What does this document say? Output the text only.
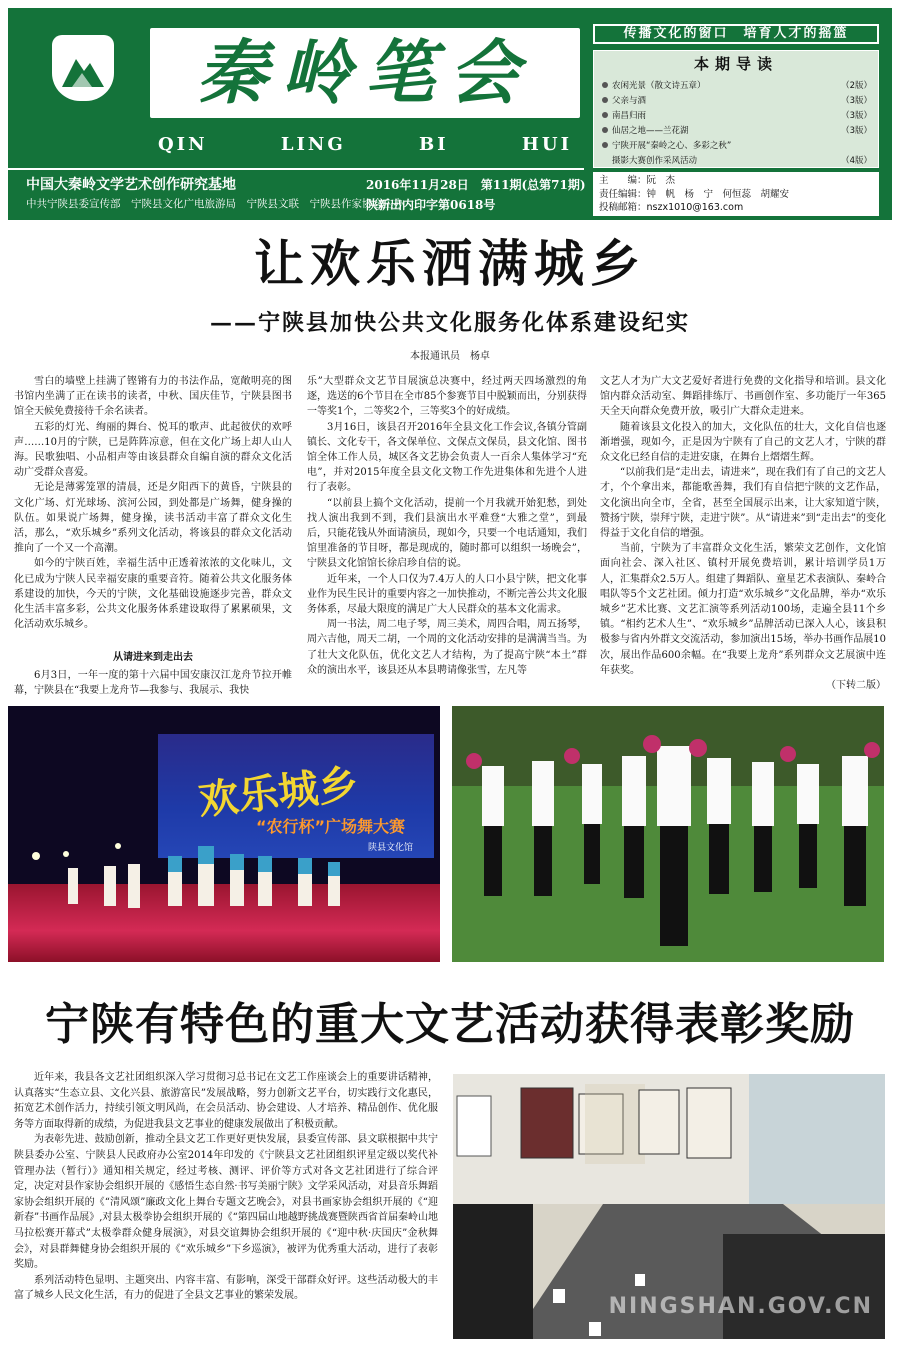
秦岭笔会
QIN	LING	BI	HUI
中国大秦岭文学艺术创作研究基地
中共宁陕县委宣传部　宁陕县文化广电旅游局　宁陕县文联　宁陕县作家协会主办
2016年11月28日　第11期(总第71期)
陕新出内印字第0618号
传播文化的窗口　培育人才的摇篮
本期导读
农闲光景（散文诗五章）	（2版）
父亲与酒	（3版）
南昌归雨	（3版）
仙居之地——兰花湖	（3版）
宁陕开展“秦岭之心、多彩之秋”
摄影大赛创作采风活动	（4版）
主　　编：阮　杰
责任编辑：钟　帆　杨　宁　何恒蕊　胡耀安
投稿邮箱：nszx1010@163.com
让欢乐洒满城乡
——宁陕县加快公共文化服务化体系建设纪实
本报通讯员　杨卓

雪白的墙壁上挂满了铿锵有力的书法作品，宽敞明亮的图书馆内坐满了正在读书的读者，中秋、国庆佳节，宁陕县图书馆全天候免费接待千余名读者。

五彩的灯光、绚丽的舞台、悦耳的歌声、此起彼伏的欢呼声……10月的宁陕，已是阵阵凉意，但在文化广场上却人山人海。民歌独唱、小品相声等由该县群众自编自演的群众文化活动广受群众喜爱。

无论是薄雾笼罩的清晨，还是夕阳西下的黄昏，宁陕县的文化广场、灯光球场、滨河公园，到处都是广场舞，健身操的队伍。如果说广场舞，健身操，读书活动丰富了群众文化生活，那么，“欢乐城乡”系列文化活动，将该县的群众文化活动推向了一个又一个高潮。

如今的宁陕百姓，幸福生活中正透着浓浓的文化味儿，文化已成为宁陕人民幸福安康的重要音符。随着公共文化服务体系建设的加快，今天的宁陕，文化基础设施逐步完善，群众文化生活丰富多彩，公共文化服务体系建设取得了累累硕果，文化活动欢乐城乡。

从请进来到走出去

6月3日，一年一度的第十六届中国安康汉江龙舟节拉开帷幕，宁陕县在“我要上龙舟节—我参与、我展示、我快

乐”大型群众文艺节目展演总决赛中，经过两天四场激烈的角逐，选送的6个节目在全市85个参赛节目中脱颖而出，分别获得一等奖1个，二等奖2个，三等奖3个的好成绩。

3月16日，该县召开2016年全县文化工作会议,各镇分管副镇长、文化专干，各文保单位、文保点文保员，县文化馆、图书馆全体工作人员，城区各文艺协会负责人一百余人集体学习“充电”，并对2015年度全县文化文物工作先进集体和先进个人进行了表彰。

“以前县上搞个文化活动，提前一个月我就开始犯愁，到处找人演出我到不到，我们县演出水平难登“大雅之堂”，到最后，只能花钱从外面请演员，现如今，只要一个电话通知，我们馆里准备的节目呀，都是现成的，随时都可以组织一场晚会”，宁陕县文化馆馆长徐启珍自信的说。

近年来，一个人口仅为7.4万人的人口小县宁陕，把文化事业作为民生民计的重要内容之一加快推动，不断完善公共文化服务体系，尽最大限度的满足广大人民群众的基本文化需求。

周一书法，周二电子琴，周三美术，周四合唱，周五扬琴，周六吉他，周天二胡，一个周的文化活动安排的是满满当当。为了壮大文化队伍，优化文艺人才结构，为了提高宁陕“本土”群众的演出水平，该县还从本县聘请像张雪，左凡等

文艺人才为广大文艺爱好者进行免费的文化指导和培训。县文化馆内群众活动室、舞蹈排练厅、书画创作室、多功能厅一年365天全天向群众免费开放，吸引广大群众走进来。

随着该县文化投入的加大，文化队伍的壮大，文化自信也逐渐增强，现如今，正是因为宁陕有了自己的文艺人才，宁陕的群众文化已经自信的走进安康，在舞台上熠熠生辉。

“以前我们是“走出去，请进来”，现在我们有了自己的文艺人才，个个拿出来，都能歌善舞，我们有自信把宁陕的文艺作品，文化演出向全市，全省，甚至全国展示出来，让大家知道宁陕，赞扬宁陕，崇拜宁陕，走进宁陕”。从“请进来”到“走出去”的变化得益于文化自信的增强。

当前，宁陕为了丰富群众文化生活，繁荣文艺创作，文化馆面向社会、深入社区、镇村开展免费培训，累计培训学员1万人，汇集群众2.5万人。组建了舞蹈队、童星艺术表演队、秦岭合唱队等5个文艺社团。倾力打造“欢乐城乡”文化品牌，举办“欢乐城乡”艺术比赛、文艺汇演等系列活动100场，走遍全县11个乡镇。“相约艺术人生”、“欢乐城乡”品牌活动已深入人心，该县积极参与省内外群文交流活动，参加演出15场，举办书画作品展10次，展出作品600余幅。在“我要上龙舟”系列群众文艺展演中连年获奖。

（下转二版）

欢乐城乡
“农行杯”广场舞大赛
陕县文化馆
宁陕有特色的重大文艺活动获得表彰奖励

近年来，我县各文艺社团组织深入学习贯彻习总书记在文艺工作座谈会上的重要讲话精神，认真落实“生态立县、文化兴县、旅游富民”发展战略，努力创新文艺平台，切实践行文化惠民，拓宽艺术创作活力，持续引领文明风尚，在会员活动、协会建设、人才培养、精品创作、优化服务等方面取得新的成绩，为促进我县文艺事业的健康发展做出了积极贡献。

为表彰先进、鼓励创新，推动全县文艺工作更好更快发展，县委宣传部、县文联根据中共宁陕县委办公室、宁陕县人民政府办公室2014年印发的《宁陕县文艺社团组织评星定级以奖代补管理办法（暂行）》通知相关规定，经过考核、测评、评价等方式对各文艺社团进行了综合评定，决定对县作家协会组织开展的《感悟生态自然·书写美丽宁陕》文学采风活动，对县音乐舞蹈家协会组织开展的《“清风颂”廉政文化上舞台专题文艺晚会》，对县书画家协会组织开展的《“迎新春”书画作品展》,对县太极拳协会组织开展的《“第四届山地越野挑战赛暨陕西省首届秦岭山地马拉松赛开幕式”太极拳群众健身展演》，对县交谊舞协会组织开展的《“迎中秋·庆国庆”金秋舞会》，对县群舞健身协会组织开展的《“欢乐城乡”下乡巡演》，被评为优秀重大活动，进行了表彰奖励。

系列活动特色显明、主题突出、内容丰富、有影响，深受干部群众好评。这些活动极大的丰富了城乡人民文化生活，有力的促进了全县文艺事业的繁荣发展。	NINGSHAN.GOV.CN
